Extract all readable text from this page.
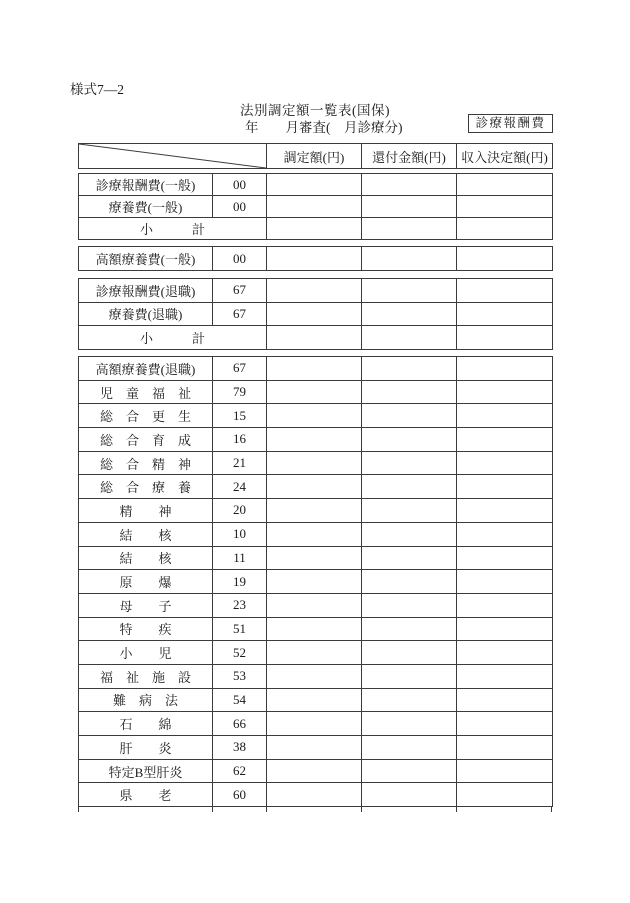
様式7―2
法別調定額一覧表(国保)
年　　月審査(　月診療分)	診療報酬費
	調定額(円)	還付金額(円)	収入決定額(円)
診療報酬費(一般)	00			
療養費(一般)	00			
小　　　計				
高額療養費(一般)	00			
診療報酬費(退職)	67			
療養費(退職)	67			
小　　　計				
高額療養費(退職)	67			
児　童　福　祉	79			
総　合　更　生	15			
総　合　育　成	16			
総　合　精　神	21			
総　合　療　養	24			
精　　神	20			
結　　核	10			
結　　核	11			
原　　爆	19			
母　　子	23			
特　　疾	51			
小　　児	52			
福　祉　施　設	53			
難　病　法	54			
石　　綿	66			
肝　　炎	38			
特定B型肝炎	62			
県　　老	60			
